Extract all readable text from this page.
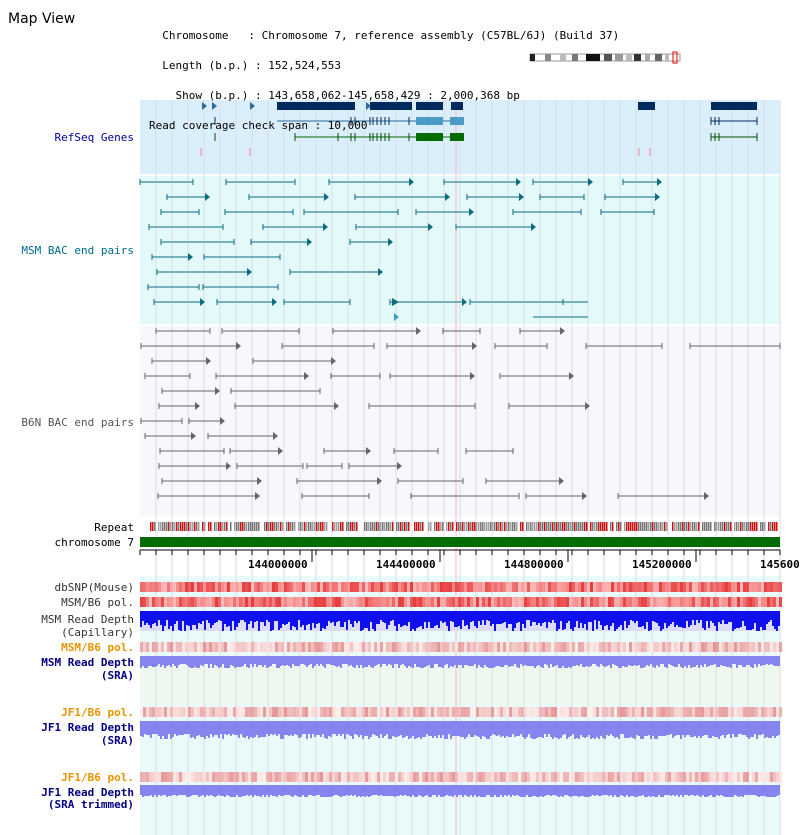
Map View

Chromosome   : Chromosome 7, reference assembly (C57BL/6J) (Build 37)

Length (b.p.) : 152,524,553

Show (b.p.) : 143,658,062-145,658,429 : 2,000,368 bp

Read coverage check span : 10,000

RefSeq Genes
MSM BAC end pairs
B6N BAC end pairs
Repeat
chromosome 7
dbSNP(Mouse)
MSM/B6 pol.
MSM Read Depth
(Capillary)
MSM/B6 pol.
MSM Read Depth
(SRA)
JF1/B6 pol.
JF1 Read Depth
(SRA)
JF1/B6 pol.
JF1 Read Depth
(SRA trimmed)
144000000	144400000	144800000	145200000	145600
